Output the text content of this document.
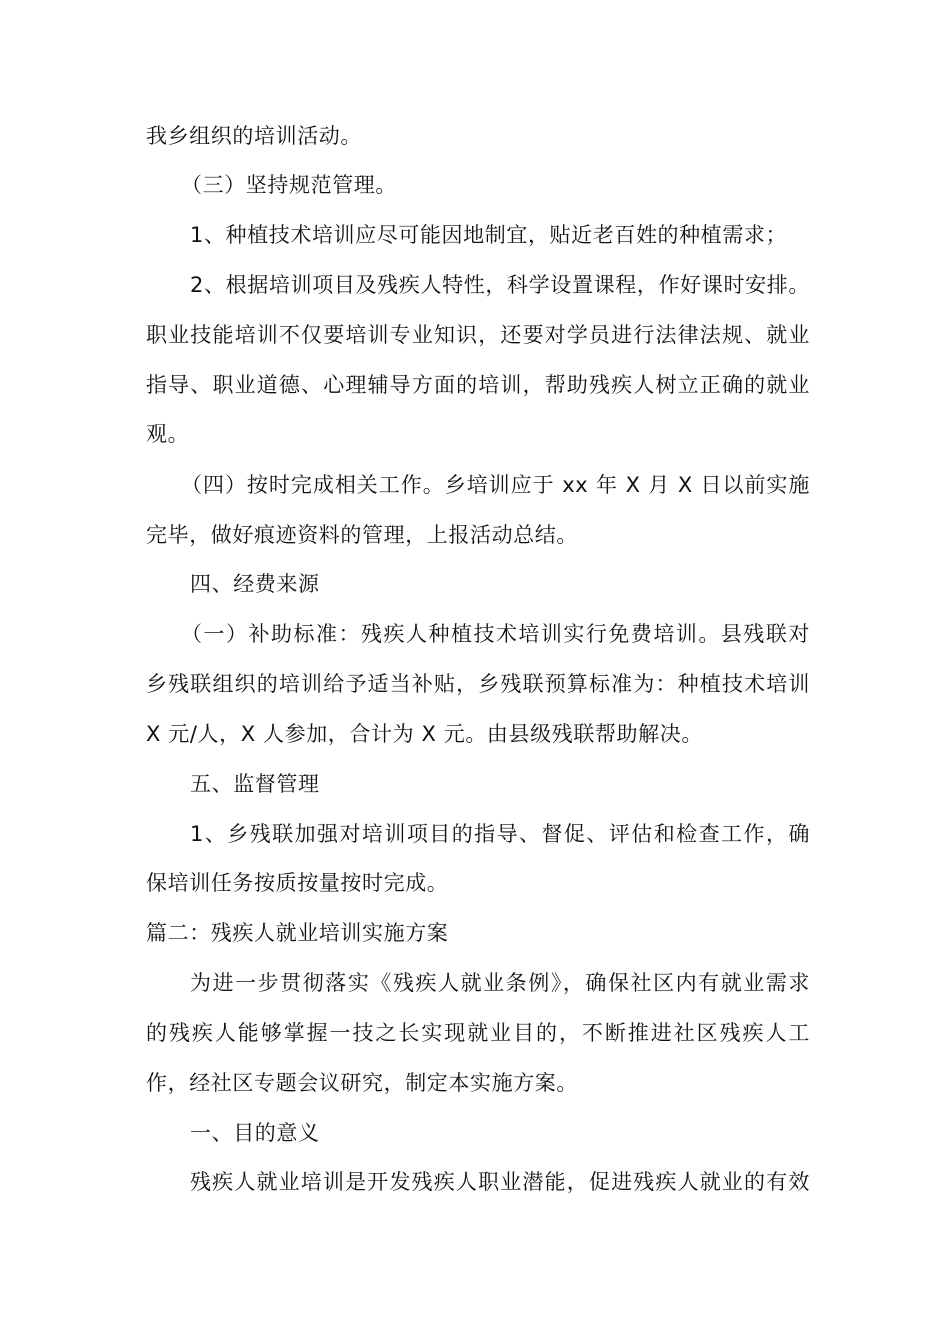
我乡组织的培训活动。
（三）坚持规范管理。
1、种植技术培训应尽可能因地制宜，贴近老百姓的种植需求；
2、根据培训项目及残疾人特性，科学设置课程，作好课时安排。
职业技能培训不仅要培训专业知识，还要对学员进行法律法规、就业
指导、职业道德、心理辅导方面的培训，帮助残疾人树立正确的就业
观。
（四）按时完成相关工作。乡培训应于 xx 年 X 月 X 日以前实施
完毕，做好痕迹资料的管理，上报活动总结。
四、经费来源
（一）补助标准：残疾人种植技术培训实行免费培训。县残联对
乡残联组织的培训给予适当补贴，乡残联预算标准为：种植技术培训
X 元/人，X 人参加，合计为 X 元。由县级残联帮助解决。
五、监督管理
1、乡残联加强对培训项目的指导、督促、评估和检查工作，确
保培训任务按质按量按时完成。
篇二：残疾人就业培训实施方案
为进一步贯彻落实《残疾人就业条例》，确保社区内有就业需求
的残疾人能够掌握一技之长实现就业目的，不断推进社区残疾人工
作，经社区专题会议研究，制定本实施方案。
一、目的意义
残疾人就业培训是开发残疾人职业潜能，促进残疾人就业的有效
